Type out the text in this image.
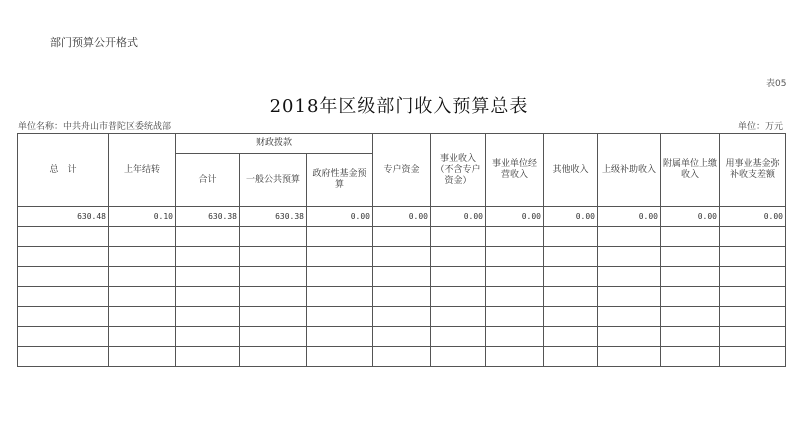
部门预算公开格式
表05
2018年区级部门收入预算总表
单位名称：中共舟山市普陀区委统战部	单位：万元
总　计	上年结转	财政拨款			专户资金	事业收入（不含专户资金）	事业单位经营收入	其他收入	上级补助收入	附属单位上缴收入	用事业基金弥补收支差额
		合计	一般公共预算	政府性基金预算							
630.48	0.10	630.38	630.38	0.00	0.00	0.00	0.00	0.00	0.00	0.00	0.00
